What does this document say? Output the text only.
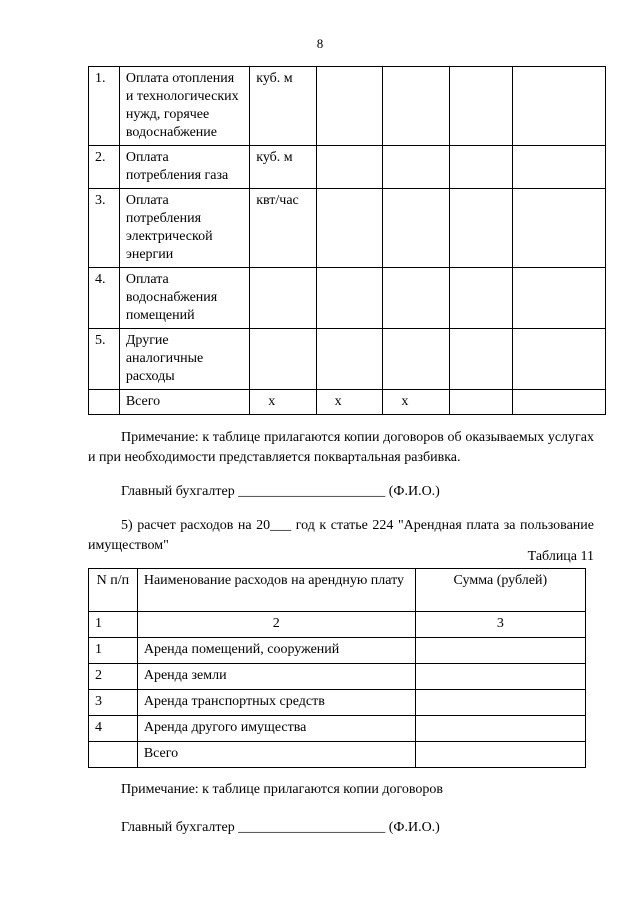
8
1.	Оплата отопления и технологических нужд, горячее водоснабжение	куб. м				
2.	Оплата потребления газа	куб. м				
3.	Оплата потребления электрической энергии	квт/час				
4.	Оплата водоснабжения помещений					
5.	Другие аналогичные расходы					
	Всего	x	x	x		
Примечание: к таблице прилагаются копии договоров об оказываемых услугах и при необходимости представляется поквартальная разбивка.
Главный бухгалтер _____________________ (Ф.И.О.)
5) расчет расходов на 20___ год к статье 224 "Арендная плата за пользование имуществом"
Таблица 11
N п/п	Наименование расходов на арендную плату	Сумма (рублей)
1	2	3
1	Аренда помещений, сооружений	
2	Аренда земли	
3	Аренда транспортных средств	
4	Аренда другого имущества	
	Всего	
Примечание: к таблице прилагаются копии договоров
Главный бухгалтер _____________________ (Ф.И.О.)
